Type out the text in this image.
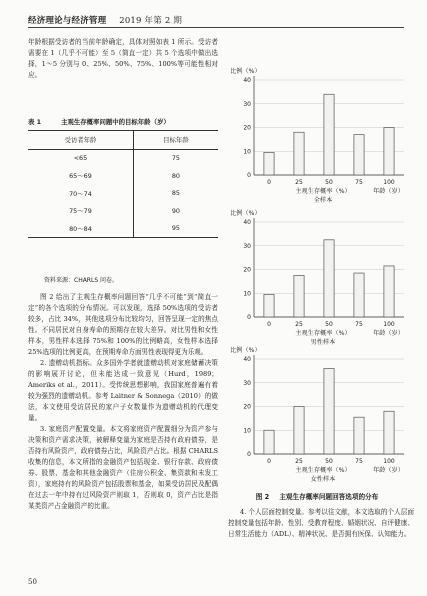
经济理论与经济管理 2019 年第 2 期

年龄根据受访者的当前年龄确定，具体对照如表 1 所示。受访者需要在 1（几乎不可能）至 5（简直一定）共 5 个选项中做出选择，1～5 分别与 0、25%、50%、75%、100%等可能性相对应。

表 1	主观生存概率问题中的目标年龄（岁）
受访者年龄	目标年龄
<65	75
65～69	80
70～74	85
75～79	90
80～84	95
资料来源：CHARLS 问卷。

图 2 给出了主观生存概率问题回答“几乎不可能”到“简直一定”的各个选项的分布情况。可以发现，选择 50%选项的受访者较多，占比 34%，其他选项分布比较均匀，回答呈现一定的焦点性。不同居民对自身寿命的预期存在较大差异。对比男性和女性样本，男性样本选择 75%和 100%的比例略高，女性样本选择 25%选项的比例更高，在预期寿命方面男性表现得更为乐观。

2. 遗赠动机指标。众多国外学者就遗赠动机对家庭储蓄决策的影响展开讨论，但未能达成一致意见（Hurd，1989；Ameriks et al.，2011）。受传统思想影响，我国家庭普遍有着较为强烈的遗赠动机。参考 Laitner & Sonnega（2010）的做法，本文使用受访居民的家户子女数量作为遗赠动机的代理变量。

3. 家庭资产配置变量。本文将家庭资产配置细分为资产参与决策和资产需求决策，被解释变量为家庭是否持有政府债券，是否持有风险资产，政府债券占比，风险资产占比。根据 CHARLS 收集的信息，本文所指的金融资产包括现金、银行存款、政府债券、股票、基金和其他金融资产（住房公积金、集资款和未发工资），家庭持有的风险资产包括股票和基金，如果受访居民及配偶在过去一年中持有过风险资产则取 1，否则取 0，资产占比是指某类资产占金融资产的比重。

50
比例（%）
0
10
20
30
40
0	25	50	75	100
主观生存概率（%）	年龄（岁）
全样本
比例（%）
0
10
20
30
40
0	25	50	75	100
主观生存概率（%）	年龄（岁）
男性样本
比例（%）
0
10
20
30
40
0	25	50	75	100
主观生存概率（%）	年龄（岁）
女性样本
图 2 主观生存概率问题回答选项的分布

4. 个人层面控制变量。参考以往文献，本文选取的个人层面控制变量包括年龄、性别、受教育程度、婚姻状况、自评健康、日常生活能力（ADL）、精神状况、是否拥有医保、认知能力。
